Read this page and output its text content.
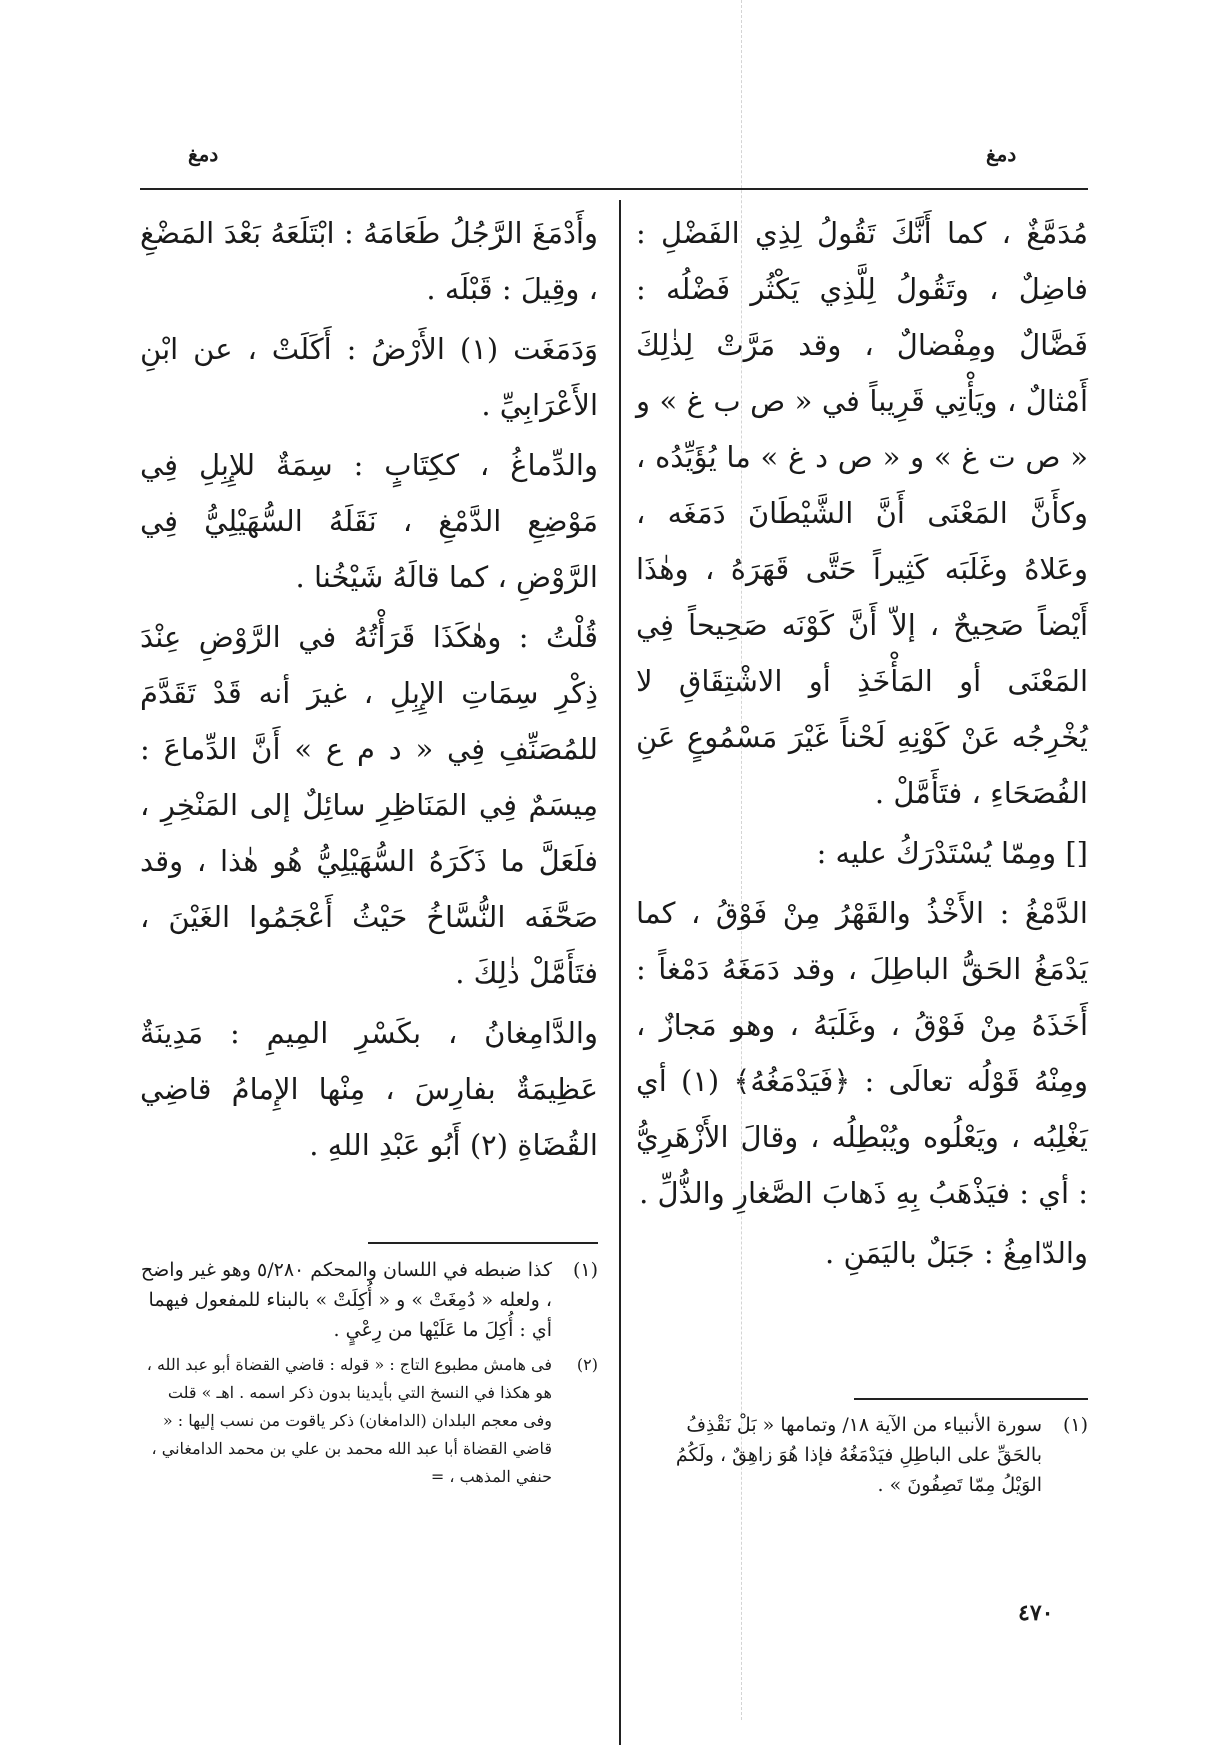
دمغ	دمغ

وأَدْمَغَ الرَّجُلُ طَعَامَهُ : ابْتَلَعَهُ بَعْدَ المَضْغِ ، وقِيلَ : قَبْلَه .

وَدَمَغَت (١) الأَرْضُ : أَكَلَتْ ، عن ابْنِ الأَعْرَابِيِّ .

والدِّماغُ ، ككِتَابٍ : سِمَةٌ للإِبِلِ فِي مَوْضِعِ الدَّمْغِ ، نَقَلَهُ السُّهَيْلِيُّ فِي الرَّوْضِ ، كما قالَهُ شَيْخُنا .

قُلْتُ : وهٰكَذَا قَرَأْتُهُ في الرَّوْضِ عِنْدَ ذِكْرِ سِمَاتِ الإِبِلِ ، غيرَ أنه قَدْ تَقَدَّمَ للمُصَنِّفِ فِي « د م ع » أَنَّ الدِّماعَ : مِيسَمٌ فِي المَنَاظِرِ سائِلٌ إلى المَنْخِرِ ، فلَعَلَّ ما ذَكَرَهُ السُّهَيْلِيُّ هُو هٰذا ، وقد صَحَّفَه النُّسَّاخُ حَيْثُ أَعْجَمُوا الغَيْنَ ، فتَأَمَّلْ ذٰلِكَ .

والدَّامِغانُ ، بكَسْرِ المِيمِ : مَدِينَةٌ عَظِيمَةٌ بفارِسَ ، مِنْها الإِمامُ قاضِي القُضَاةِ (٢) أَبُو عَبْدِ اللهِ .

مُدَمَّغٌ ، كما أَنَّكَ تَقُولُ لِذِي الفَضْلِ : فاضِلٌ ، وتَقُولُ لِلَّذِي يَكْثُر فَضْلُه : فَضَّالٌ ومِفْضالٌ ، وقد مَرَّتْ لِذٰلِكَ أَمْثالٌ ، ويَأْتِي قَرِيباً في « ص ب غ » و « ص ت غ » و « ص د غ » ما يُؤَيِّدُه ، وكأَنَّ المَعْنَى أَنَّ الشَّيْطَانَ دَمَغَه ، وعَلاهُ وغَلَبَه كَثِيراً حَتَّى قَهَرَهُ ، وهٰذَا أَيْضاً صَحِيحٌ ، إلاّ أَنَّ كَوْنَه صَحِيحاً فِي المَعْنَى أو المَأْخَذِ أو الاشْتِقَاقِ لا يُخْرِجُه عَنْ كَوْنِهِ لَحْناً غَيْرَ مَسْمُوعٍ عَنِ الفُصَحَاءِ ، فتَأَمَّلْ .

[] ومِمّا يُسْتَدْرَكُ عليه :

الدَّمْغُ : الأَخْذُ والقَهْرُ مِنْ فَوْقُ ، كما يَدْمَغُ الحَقُّ الباطِلَ ، وقد دَمَغَهُ دَمْغاً : أَخَذَهُ مِنْ فَوْقُ ، وغَلَبَهُ ، وهو مَجازٌ ، ومِنْهُ قَوْلُه تعالَى : ﴿فَيَدْمَغُهُ﴾ (١) أي يَغْلِبُه ، ويَعْلُوه ويُبْطِلُه ، وقالَ الأَزْهَرِيُّ : أي : فيَذْهَبُ بِهِ ذَهابَ الصَّغارِ والذُّلِّ .

والدّامِغُ : جَبَلٌ باليَمَنِ .

(١)
كذا ضبطه في اللسان والمحكم ٥/٢٨٠ وهو غير واضح ، ولعله « دُمِغَتْ » و « أُكِلَتْ » بالبناء للمفعول فيهما أي : أُكِلَ ما عَلَيْها من رِعْيٍ .
(٢)
فى هامش مطبوع التاج : « قوله : قاضي القضاة أبو عبد الله ، هو هكذا في النسخ التي بأيدينا بدون ذكر اسمه . اهـ » قلت وفى معجم البلدان (الدامغان) ذكر ياقوت من نسب إليها : « قاضي القضاة أبا عبد الله محمد بن علي بن محمد الدامغاني ، حنفي المذهب ، =
(١)
سورة الأنبياء من الآية ١٨/ وتمامها « بَلْ نَقْذِفُ بالحَقِّ على الباطِلِ فيَدْمَغُهُ فإذا هُوَ زاهِقٌ ، ولَكُمُ الوَيْلُ مِمّا تَصِفُونَ » .
٤٧٠
